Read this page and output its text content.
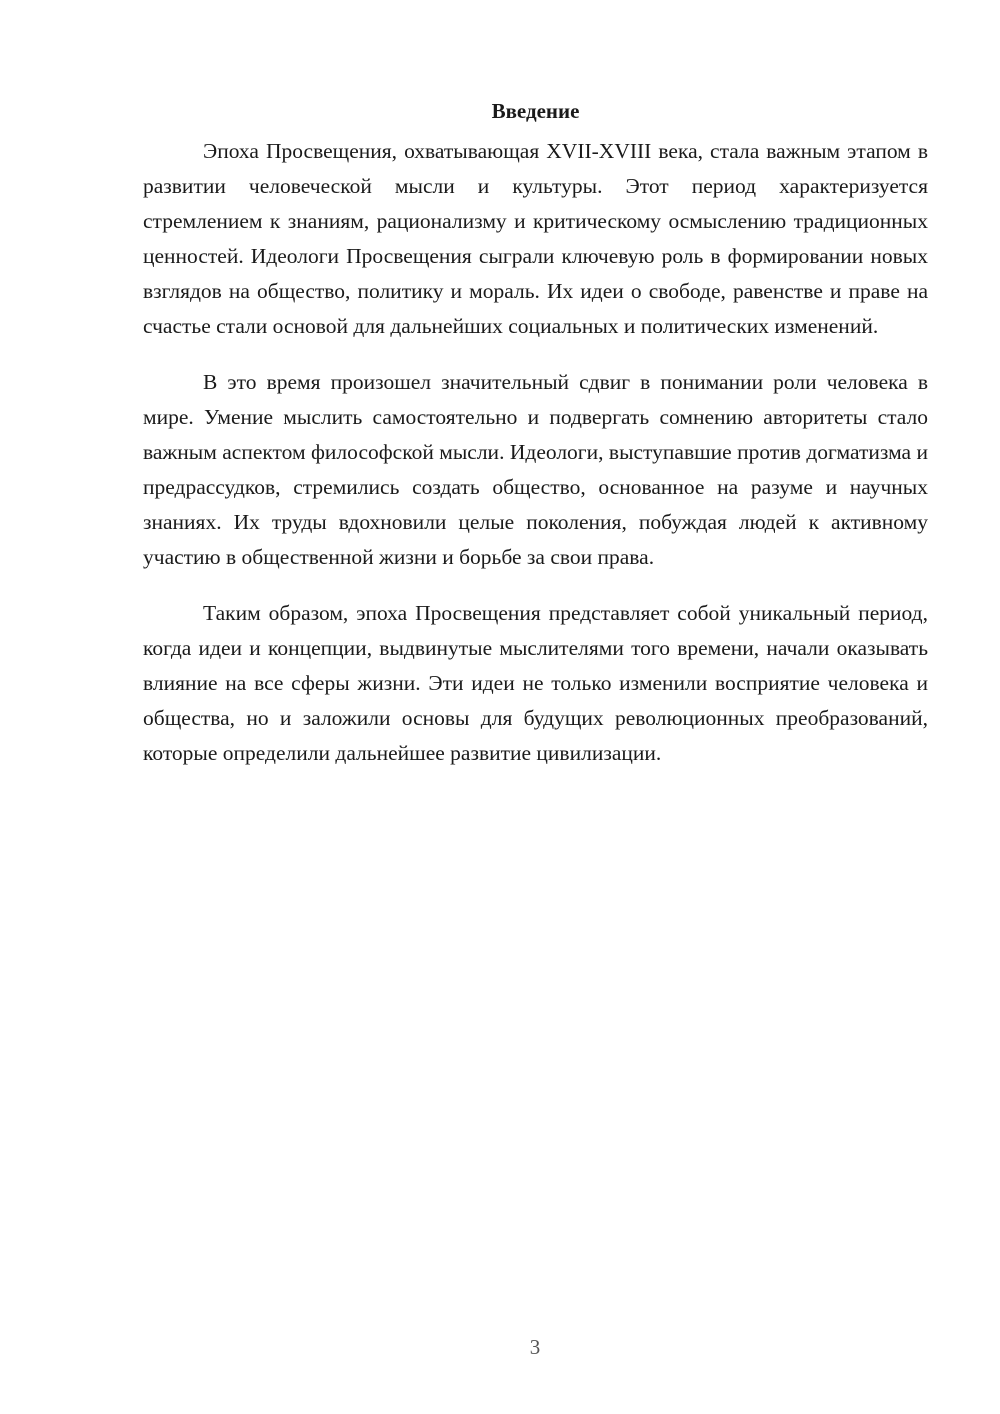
Введение

Эпоха Просвещения, охватывающая XVII-XVIII века, стала важным этапом в развитии человеческой мысли и культуры. Этот период характеризуется стремлением к знаниям, рационализму и критическому осмыслению традиционных ценностей. Идеологи Просвещения сыграли ключевую роль в формировании новых взглядов на общество, политику и мораль. Их идеи о свободе, равенстве и праве на счастье стали основой для дальнейших социальных и политических изменений.

В это время произошел значительный сдвиг в понимании роли человека в мире. Умение мыслить самостоятельно и подвергать сомнению авторитеты стало важным аспектом философской мысли. Идеологи, выступавшие против догматизма и предрассудков, стремились создать общество, основанное на разуме и научных знаниях. Их труды вдохновили целые поколения, побуждая людей к активному участию в общественной жизни и борьбе за свои права.

Таким образом, эпоха Просвещения представляет собой уникальный период, когда идеи и концепции, выдвинутые мыслителями того времени, начали оказывать влияние на все сферы жизни. Эти идеи не только изменили восприятие человека и общества, но и заложили основы для будущих революционных преобразований, которые определили дальнейшее развитие цивилизации.

3
